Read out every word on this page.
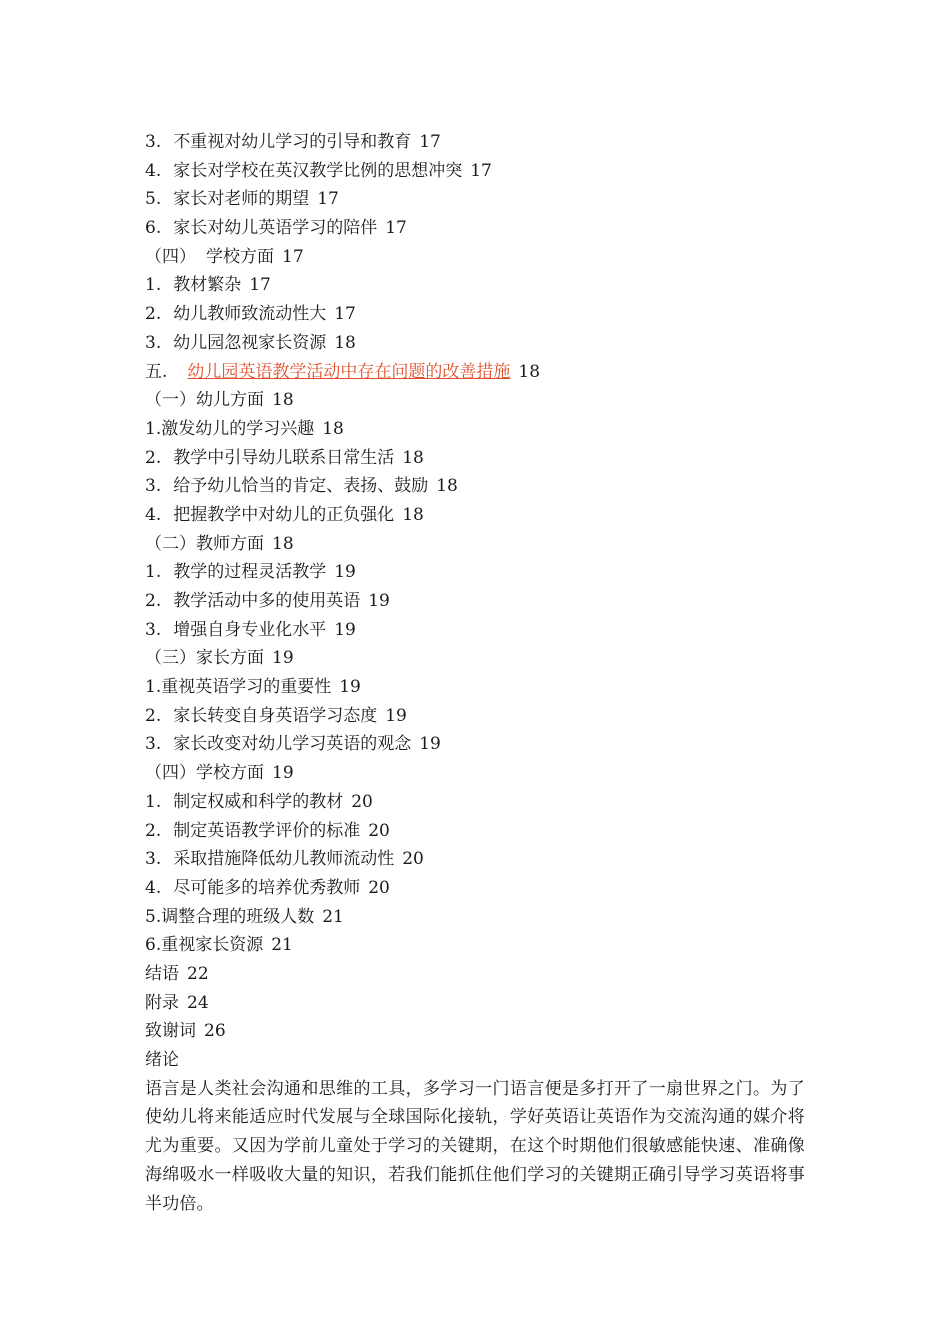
3. 不重视对幼儿学习的引导和教育 17
4. 家长对学校在英汉教学比例的思想冲突 17
5. 家长对老师的期望 17
6. 家长对幼儿英语学习的陪伴 17
（四） 学校方面 17
1. 教材繁杂 17
2. 幼儿教师致流动性大 17
3. 幼儿园忽视家长资源 18
五. 幼儿园英语教学活动中存在问题的改善措施 18
（一）幼儿方面 18
1.激发幼儿的学习兴趣 18
2. 教学中引导幼儿联系日常生活 18
3. 给予幼儿恰当的肯定、表扬、鼓励 18
4. 把握教学中对幼儿的正负强化 18
（二）教师方面 18
1. 教学的过程灵活教学 19
2. 教学活动中多的使用英语 19
3. 增强自身专业化水平 19
（三）家长方面 19
1.重视英语学习的重要性 19
2. 家长转变自身英语学习态度 19
3. 家长改变对幼儿学习英语的观念 19
（四）学校方面 19
1. 制定权威和科学的教材 20
2. 制定英语教学评价的标准 20
3. 采取措施降低幼儿教师流动性 20
4. 尽可能多的培养优秀教师 20
5.调整合理的班级人数 21
6.重视家长资源 21
结语 22
附录 24
致谢词 26
绪论
语言是人类社会沟通和思维的工具，多学习一门语言便是多打开了一扇世界之门。为了使幼儿将来能适应时代发展与全球国际化接轨，学好英语让英语作为交流沟通的媒介将尤为重要。又因为学前儿童处于学习的关键期，在这个时期他们很敏感能快速、准确像海绵吸水一样吸收大量的知识，若我们能抓住他们学习的关键期正确引导学习英语将事半功倍。
